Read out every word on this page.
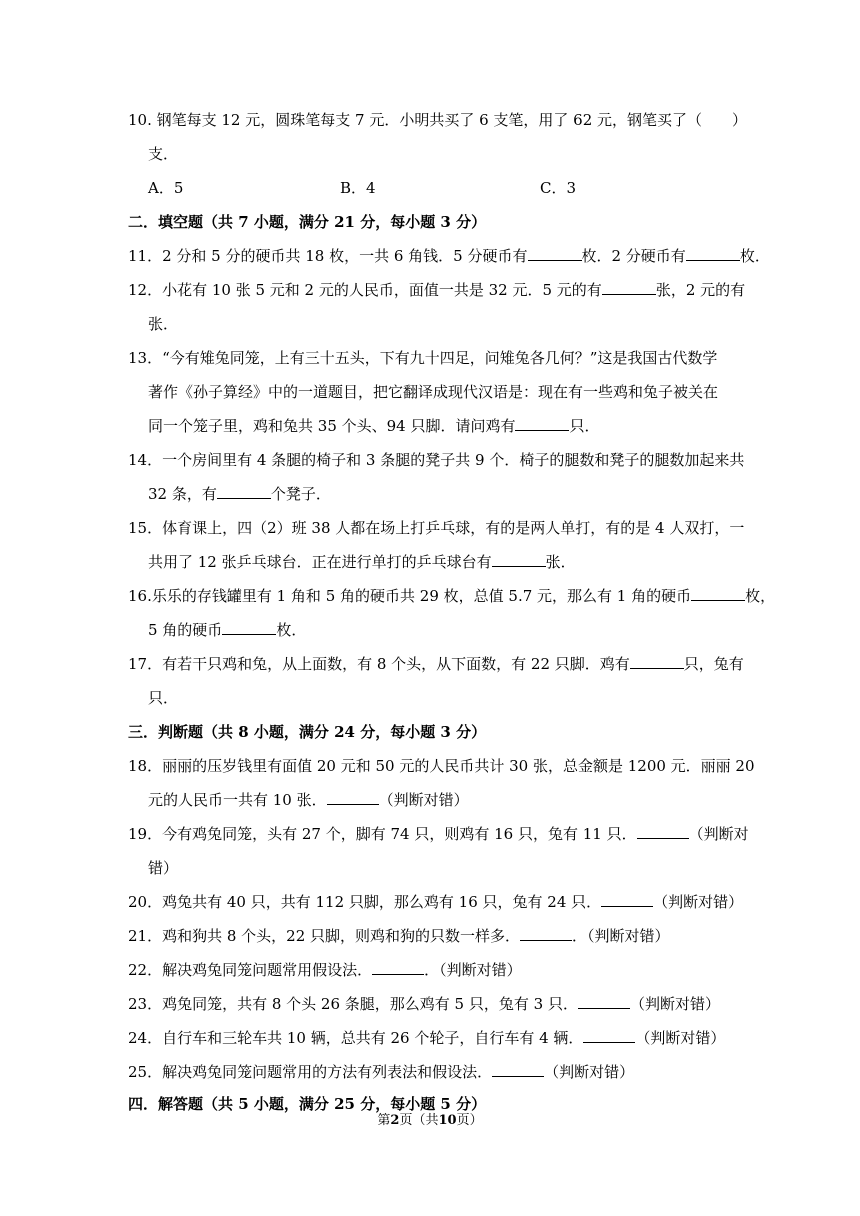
10. 钢笔每支 12 元，圆珠笔每支 7 元．小明共买了 6 支笔，用了 62 元，钢笔买了（　　）
支．
A．5	B．4	C．3
二．填空题（共 7 小题，满分 21 分，每小题 3 分）
11．2 分和 5 分的硬币共 18 枚，一共 6 角钱．5 分硬币有	枚．2 分硬币有	枚．
12．小花有 10 张 5 元和 2 元的人民币，面值一共是 32 元．5 元的有	张，2 元的有
张．
13．“今有雉兔同笼，上有三十五头，下有九十四足，问雉兔各几何？”这是我国古代数学
著作《孙子算经》中的一道题目，把它翻译成现代汉语是：现在有一些鸡和兔子被关在
同一个笼子里，鸡和兔共 35 个头、94 只脚．请问鸡有	只．
14．一个房间里有 4 条腿的椅子和 3 条腿的凳子共 9 个．椅子的腿数和凳子的腿数加起来共
32 条，有	个凳子．
15．体育课上，四（2）班 38 人都在场上打乒乓球，有的是两人单打，有的是 4 人双打，一
共用了 12 张乒乓球台．正在进行单打的乒乓球台有	张．
16.乐乐的存钱罐里有 1 角和 5 角的硬币共 29 枚，总值 5.7 元，那么有 1 角的硬币	枚，
5 角的硬币	枚．
17．有若干只鸡和兔，从上面数，有 8 个头，从下面数，有 22 只脚．鸡有	只，兔有
只．
三．判断题（共 8 小题，满分 24 分，每小题 3 分）
18．丽丽的压岁钱里有面值 20 元和 50 元的人民币共计 30 张，总金额是 1200 元．丽丽 20
元的人民币一共有 10 张．	（判断对错）
19．今有鸡兔同笼，头有 27 个，脚有 74 只，则鸡有 16 只，兔有 11 只．	（判断对
错）
20．鸡兔共有 40 只，共有 112 只脚，那么鸡有 16 只，兔有 24 只．	（判断对错）
21．鸡和狗共 8 个头，22 只脚，则鸡和狗的只数一样多．	．（判断对错）
22．解决鸡兔同笼问题常用假设法．	．（判断对错）
23．鸡兔同笼，共有 8 个头 26 条腿，那么鸡有 5 只，兔有 3 只．	（判断对错）
24．自行车和三轮车共 10 辆，总共有 26 个轮子，自行车有 4 辆．	（判断对错）
25．解决鸡兔同笼问题常用的方法有列表法和假设法．	（判断对错）
四．解答题（共 5 小题，满分 25 分，每小题 5 分）
第2页（共10页）
